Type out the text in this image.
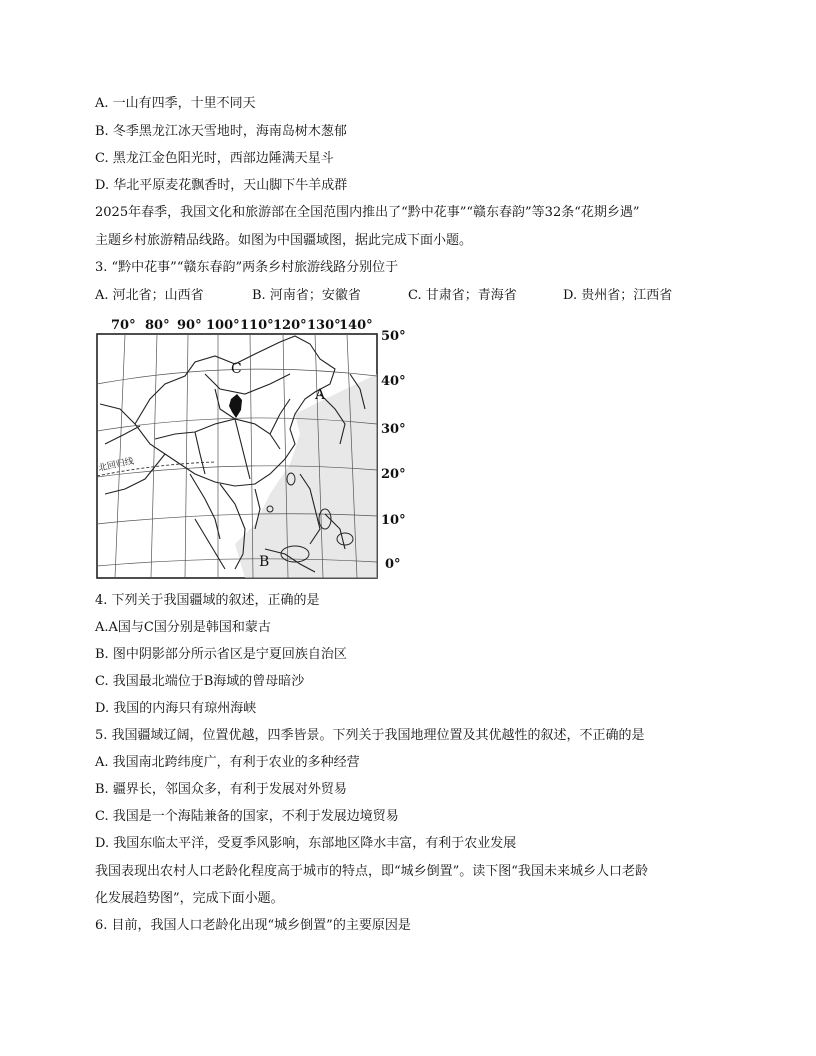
A. 一山有四季，十里不同天
B. 冬季黑龙江冰天雪地时，海南岛树木葱郁
C. 黑龙江金色阳光时，西部边陲满天星斗
D. 华北平原麦花飘香时，天山脚下牛羊成群
2025年春季，我国文化和旅游部在全国范围内推出了“黔中花事”“赣东春韵”等32条“花期乡遇”
主题乡村旅游精品线路。如图为中国疆域图，据此完成下面小题。
3. “黔中花事”“赣东春韵”两条乡村旅游线路分别位于
A. 河北省；山西省	B. 河南省；安徽省	C. 甘肃省；青海省	D. 贵州省；江西省
70° 80° 90° 100° 110° 120° 130°
140°
50°
40°
30°
20°
10°
0°
北回归线
C
A
B
4. 下列关于我国疆域的叙述，正确的是
A.A国与C国分别是韩国和蒙古
B. 图中阴影部分所示省区是宁夏回族自治区
C. 我国最北端位于B海域的曾母暗沙
D. 我国的内海只有琼州海峡
5. 我国疆域辽阔，位置优越，四季皆景。下列关于我国地理位置及其优越性的叙述，不正确的是
A. 我国南北跨纬度广，有利于农业的多种经营
B. 疆界长，邻国众多，有利于发展对外贸易
C. 我国是一个海陆兼备的国家，不利于发展边境贸易
D. 我国东临太平洋，受夏季风影响，东部地区降水丰富，有利于农业发展
我国表现出农村人口老龄化程度高于城市的特点，即“城乡倒置”。读下图“我国未来城乡人口老龄
化发展趋势图”，完成下面小题。
6. 目前，我国人口老龄化出现“城乡倒置”的主要原因是
